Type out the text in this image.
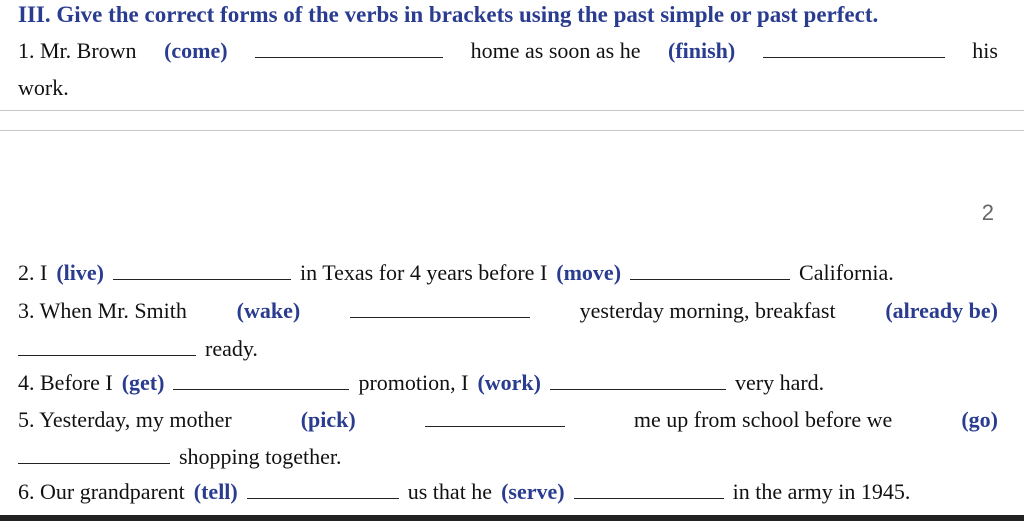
III. Give the correct forms of the verbs in brackets using the past simple or past perfect.
1. Mr. Brown (come)	home as soon as he (finish)	his
work.
2
2. I (live)	in Texas for 4 years before I (move)	California.
3. When Mr. Smith (wake)	yesterday morning, breakfast (already be)
ready.
4. Before I (get)	promotion, I (work)	very hard.
5. Yesterday, my mother	(pick)	me up from school before we	(go)
shopping together.
6. Our grandparent (tell)	us that he (serve)	in the army in 1945.
